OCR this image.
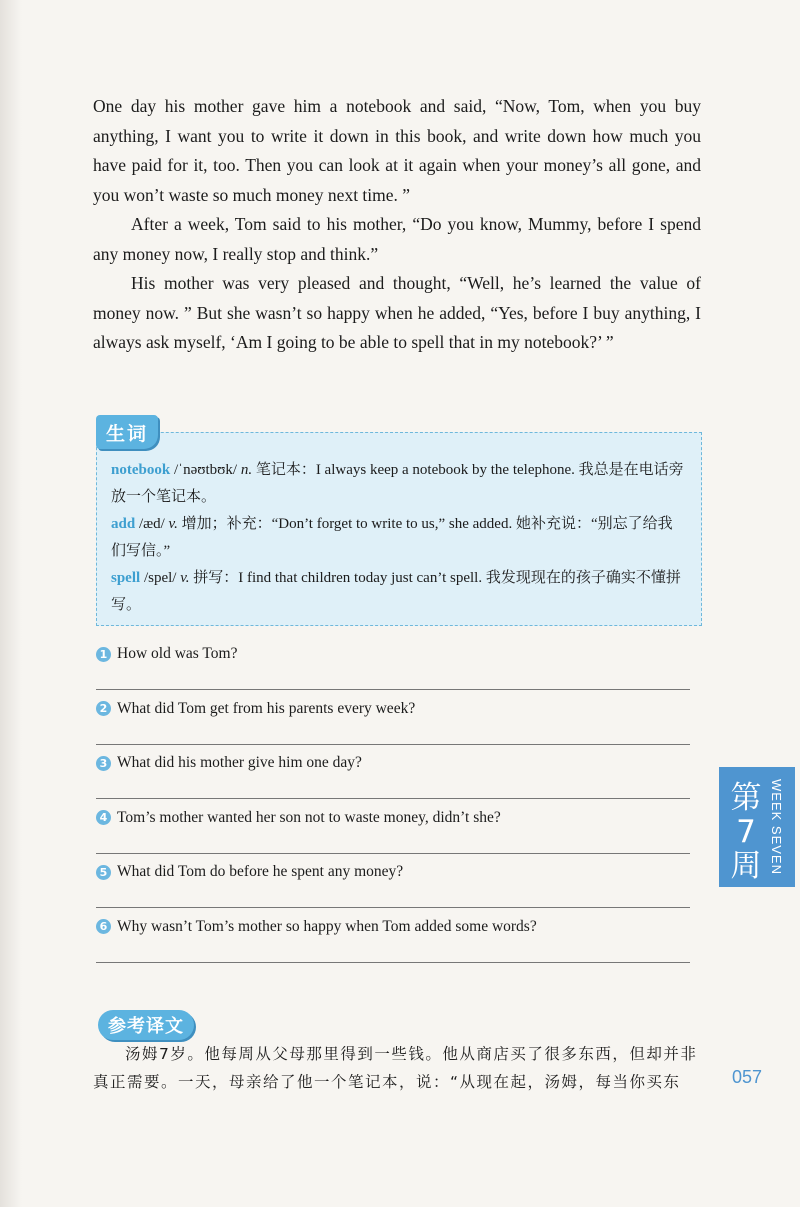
One day his mother gave him a notebook and said, “Now, Tom, when you buy anything, I want you to write it down in this book, and write down how much you have paid for it, too. Then you can look at it again when your money’s all gone, and you won’t waste so much money next time. ”

After a week, Tom said to his mother, “Do you know, Mummy, before I spend any money now, I really stop and think.”

His mother was very pleased and thought, “Well, he’s learned the value of money now. ” But she wasn’t so happy when he added, “Yes, before I buy anything, I always ask myself, ‘Am I going to be able to spell that in my notebook?’ ”

notebook /ˈnəʊtbʊk/ n. 笔记本：I always keep a notebook by the telephone. 我总是在电话旁放一个笔记本。

add /æd/ v. 增加；补充：“Don’t forget to write to us,” she added. 她补充说：“别忘了给我们写信。”

spell /spel/ v. 拼写：I find that children today just can’t spell. 我发现现在的孩子确实不懂拼写。

生词
1 How old was Tom?
2 What did Tom get from his parents every week?
3 What did his mother give him one day?
4 Tom’s mother wanted her son not to waste money, didn’t she?
5 What did Tom do before he spent any money?
6 Why wasn’t Tom’s mother so happy when Tom added some words?
第
7
周 WEEK SEVEN
参考译文

汤姆7岁。他每周从父母那里得到一些钱。他从商店买了很多东西，但却并非真正需要。一天，母亲给了他一个笔记本，说：“从现在起，汤姆，每当你买东	057
